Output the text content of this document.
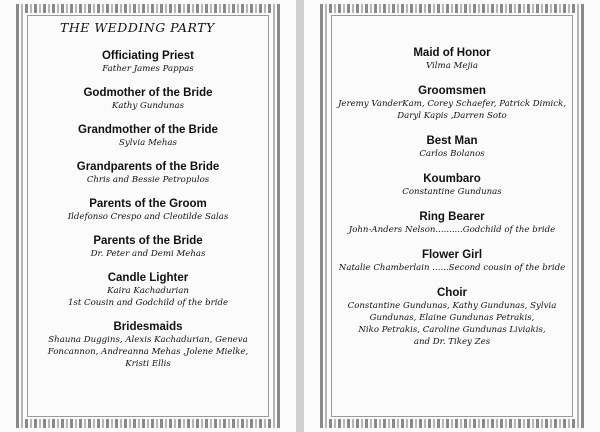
THE WEDDING PARTY

Officiating Priest

Father James Pappas

Godmother of the Bride

Kathy Gundunas

Grandmother of the Bride

Sylvia Mehas

Grandparents of the Bride

Chris and Bessie Petropulos

Parents of the Groom

Ildefonso Crespo and Cleotilde Salas

Parents of the Bride

Dr. Peter and Demi Mehas

Candle Lighter

Kaira Kachadurian

1st Cousin and Godchild of the bride

Bridesmaids

Shauna Duggins, Alexis Kachadurian, Geneva

Foncannon, Andreanna Mehas ,Jolene Mielke,

Kristi Ellis

Maid of Honor

Vilma Mejia

Groomsmen

Jeremy VanderKam, Corey Schaefer, Patrick Dimick,

Daryl Kapis ,Darren Soto

Best Man

Carlos Bolanos

Koumbaro

Constantine Gundunas

Ring Bearer

John-Anders Nelson..........Godchild of the bride

Flower Girl

Natalie Chamberlain ......Second cousin of the bride

Choir

Constantine Gundunas, Kathy Gundunas, Sylvia

Gundunas, Elaine Gundunas Petrakis,

Niko Petrakis, Caroline Gundunas Liviakis,

and Dr. Tikey Zes
